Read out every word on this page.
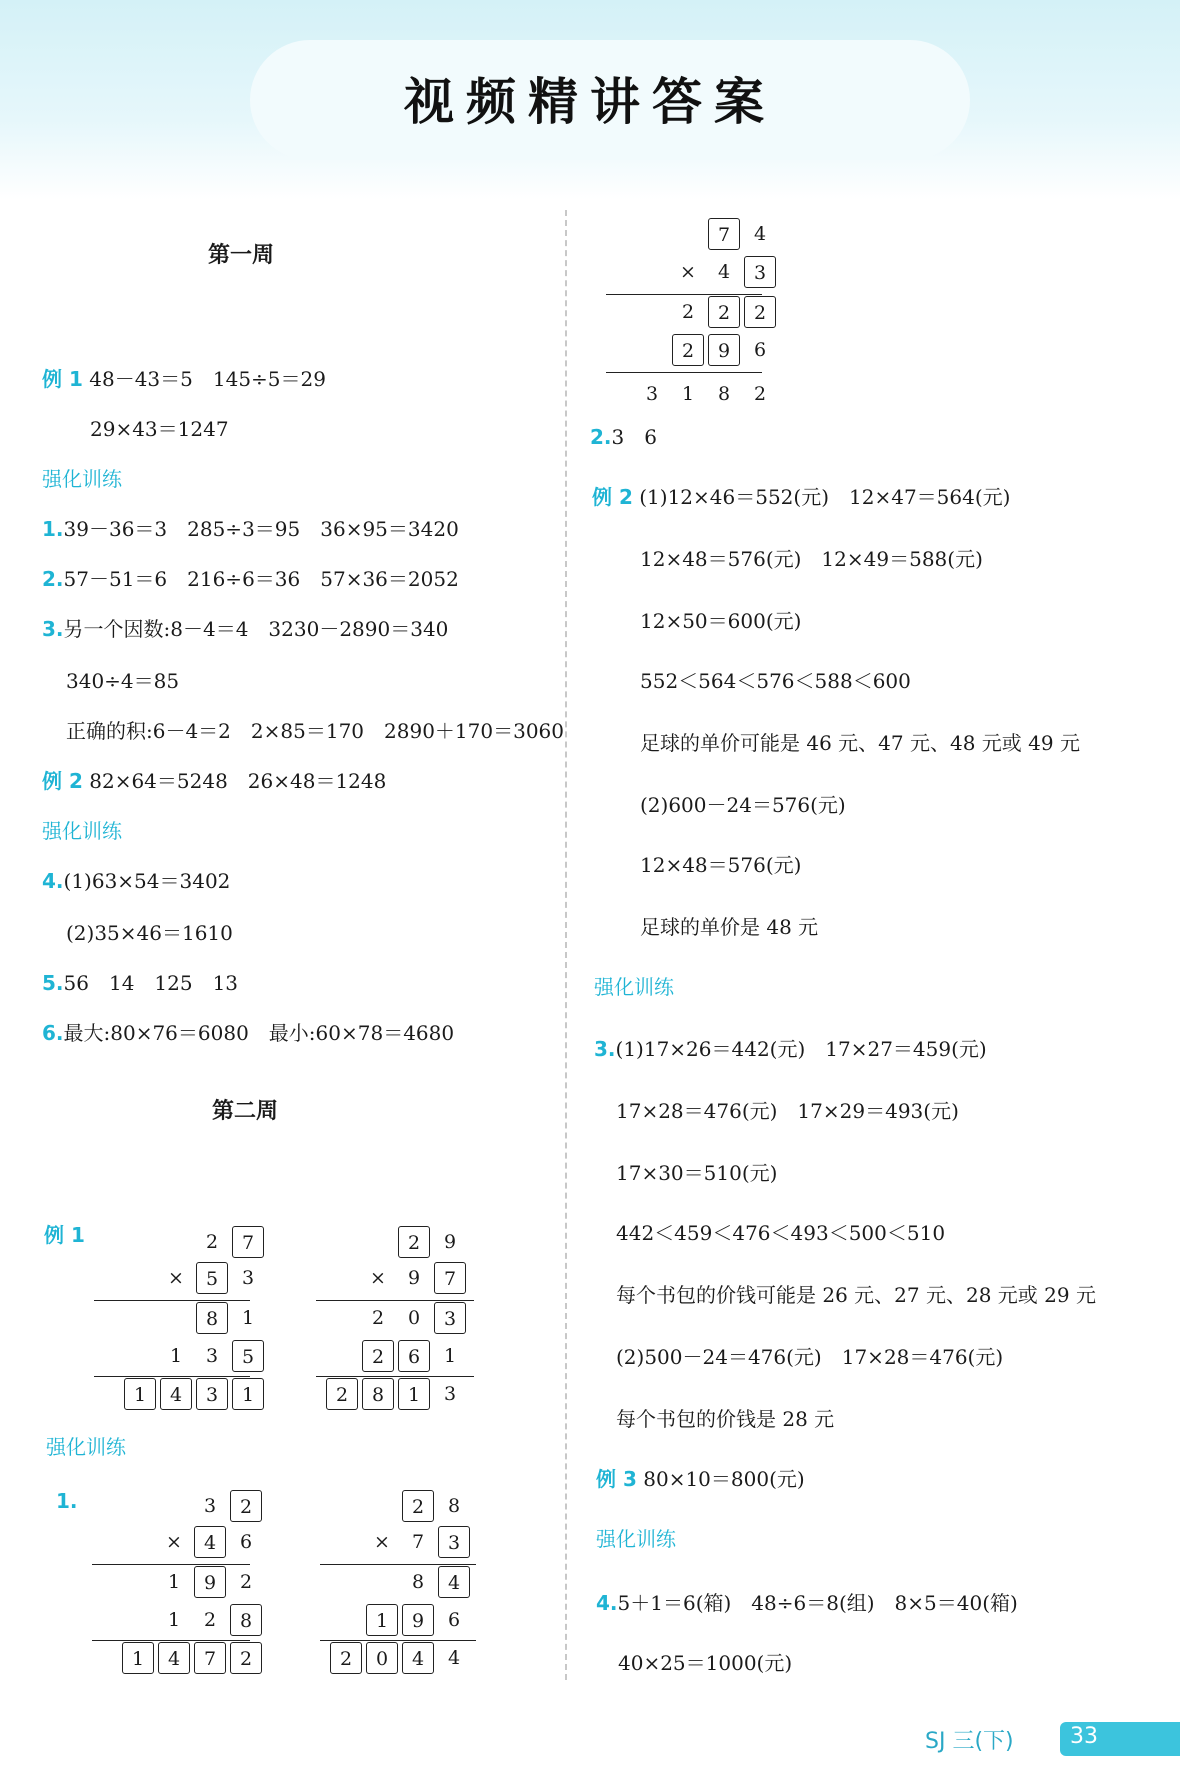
视频精讲答案
第一周
例 1 48－43＝5　145÷5＝29
29×43＝1247
强化训练
1.39－36＝3　285÷3＝95　36×95＝3420
2.57－51＝6　216÷6＝36　57×36＝2052
3.另一个因数:8－4＝4　3230－2890＝340
340÷4＝85
正确的积:6－4＝2　2×85＝170　2890＋170＝3060
例 2 82×64＝5248　26×48＝1248
强化训练
4.(1)63×54＝3402
(2)35×46＝1610
5.56　14　125　13
6.最大:80×76＝6080　最小:60×78＝4680
第二周
例 1
强化训练
1.
7	4
×	4	3
2	2	2
2	9	6
3	1	8	2
2	7
×	5	3
8	1
1	3	5
1	4	3	1
2	9
×	9	7
2	0	3
2	6	1
2	8	1	3
3	2
×	4	6
1	9	2
1	2	8
1	4	7	2
2	8
×	7	3
8	4
1	9	6
2	0	4	4
2.3　6
例 2 (1)12×46＝552(元)　12×47＝564(元)
12×48＝576(元)　12×49＝588(元)
12×50＝600(元)
552＜564＜576＜588＜600
足球的单价可能是 46 元、47 元、48 元或 49 元
(2)600－24＝576(元)
12×48＝576(元)
足球的单价是 48 元
强化训练
3.(1)17×26＝442(元)　17×27＝459(元)
17×28＝476(元)　17×29＝493(元)
17×30＝510(元)
442＜459＜476＜493＜500＜510
每个书包的价钱可能是 26 元、27 元、28 元或 29 元
(2)500－24＝476(元)　17×28＝476(元)
每个书包的价钱是 28 元
例 3 80×10＝800(元)
强化训练
4.5＋1＝6(箱)　48÷6＝8(组)　8×5＝40(箱)
40×25＝1000(元)
SJ 三(下)	33
